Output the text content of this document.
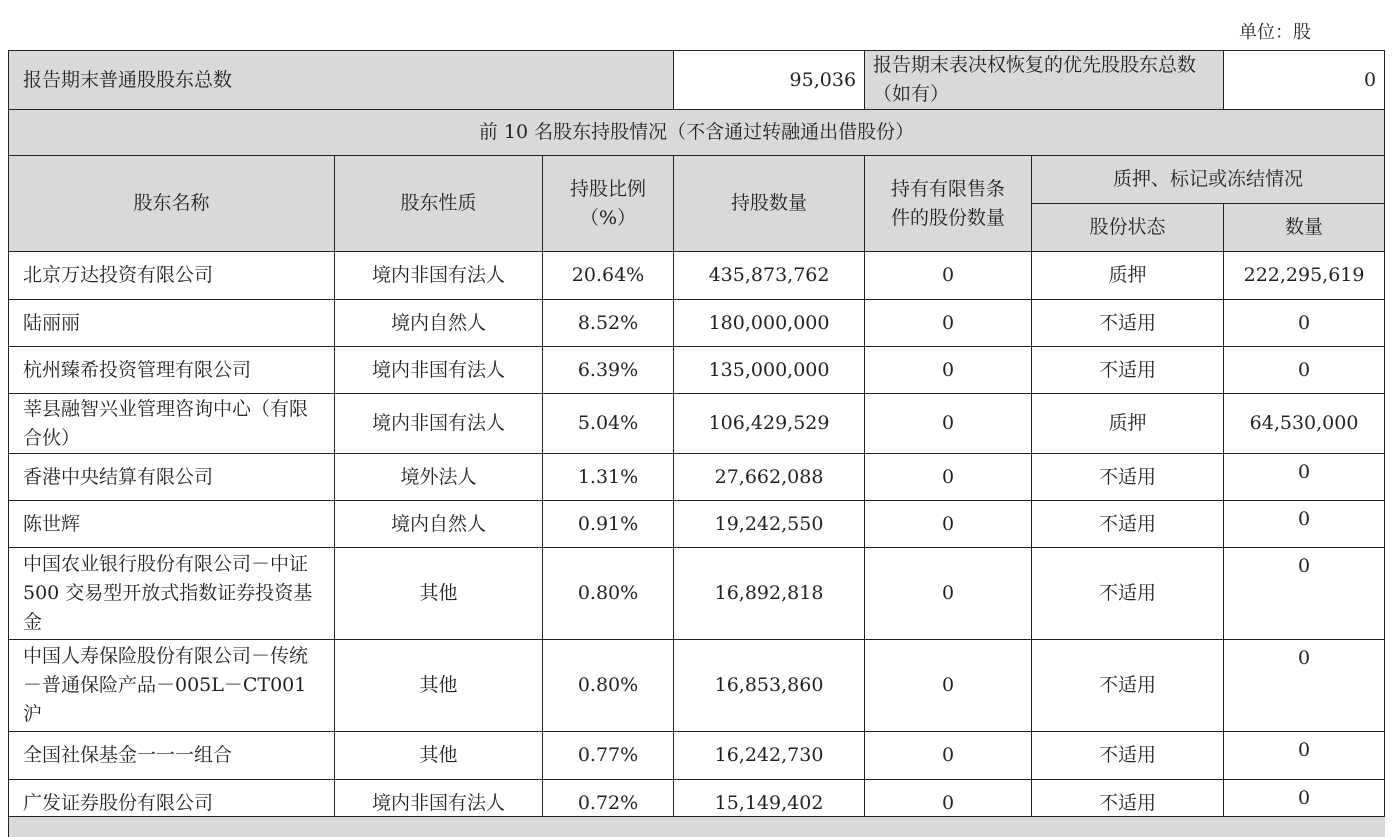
单位：股
报告期末普通股股东总数			95,036	报告期末表决权恢复的优先股股东总数（如有）		0
前 10 名股东持股情况（不含通过转融通出借股份）						
股东名称	股东性质	持股比例（%）	持股数量	持有有限售条件的股份数量	质押、标记或冻结情况	
					股份状态	数量
北京万达投资有限公司	境内非国有法人	20.64%	435,873,762	0	质押	222,295,619
陆丽丽	境内自然人	8.52%	180,000,000	0	不适用	0
杭州臻希投资管理有限公司	境内非国有法人	6.39%	135,000,000	0	不适用	0
莘县融智兴业管理咨询中心（有限合伙）	境内非国有法人	5.04%	106,429,529	0	质押	64,530,000
香港中央结算有限公司	境外法人	1.31%	27,662,088	0	不适用	0
陈世辉	境内自然人	0.91%	19,242,550	0	不适用	0
中国农业银行股份有限公司－中证 500 交易型开放式指数证券投资基金	其他	0.80%	16,892,818	0	不适用	0
中国人寿保险股份有限公司－传统－普通保险产品－005L－CT001 沪	其他	0.80%	16,853,860	0	不适用	0
全国社保基金一一一组合	其他	0.77%	16,242,730	0	不适用	0
广发证券股份有限公司	境内非国有法人	0.72%	15,149,402	0	不适用	0
